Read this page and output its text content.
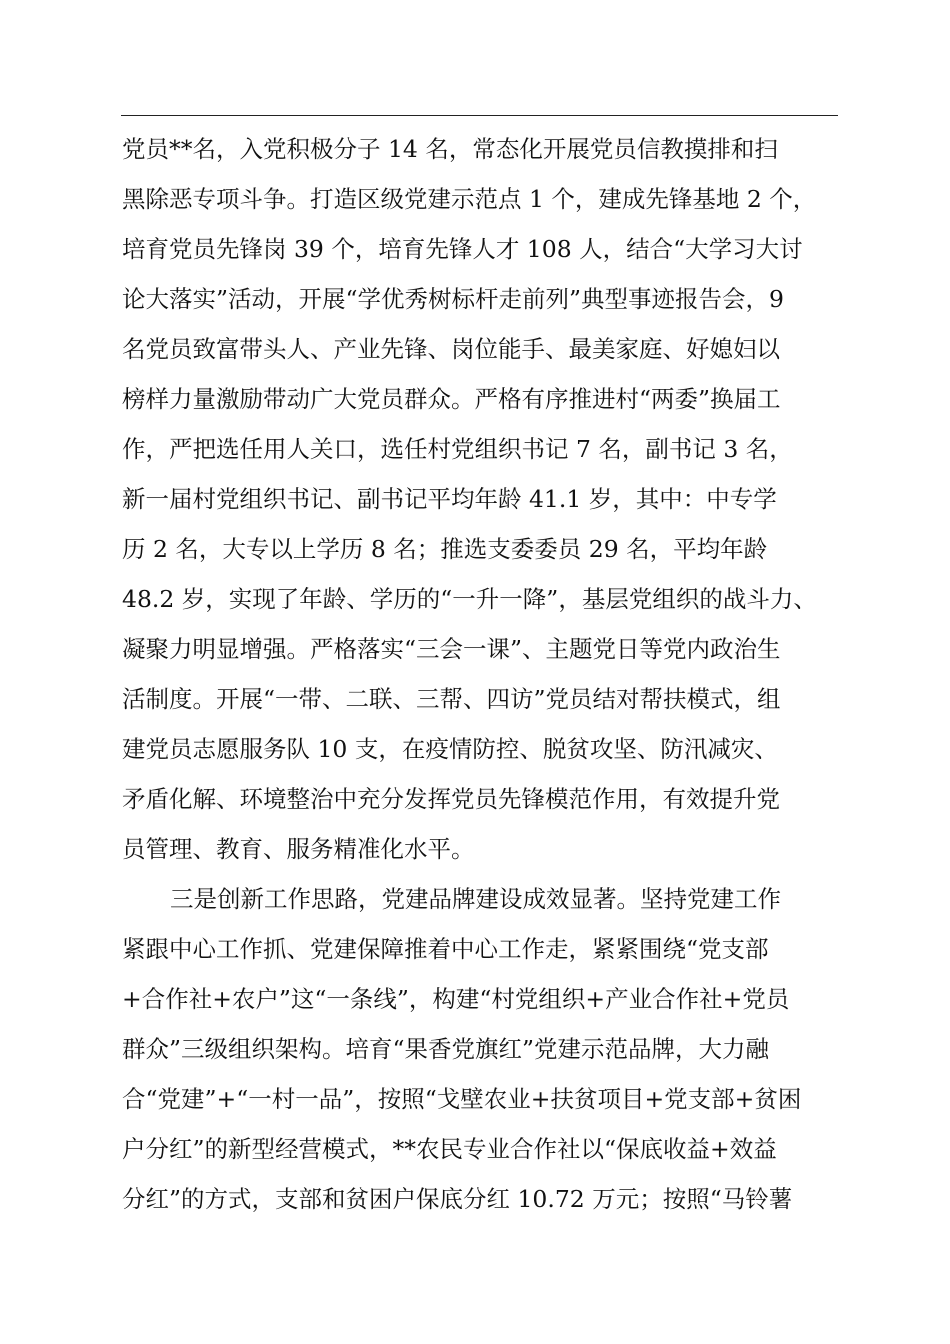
党员**名，入党积极分子 14 名，常态化开展党员信教摸排和扫
黑除恶专项斗争。打造区级党建示范点 1 个，建成先锋基地 2 个，
培育党员先锋岗 39 个，培育先锋人才 108 人，结合“大学习大讨
论大落实”活动，开展“学优秀树标杆走前列”典型事迹报告会，9
名党员致富带头人、产业先锋、岗位能手、最美家庭、好媳妇以
榜样力量激励带动广大党员群众。严格有序推进村“两委”换届工
作，严把选任用人关口，选任村党组织书记 7 名，副书记 3 名，
新一届村党组织书记、副书记平均年龄 41.1 岁，其中：中专学
历 2 名，大专以上学历 8 名；推选支委委员 29 名，平均年龄
48.2 岁，实现了年龄、学历的“一升一降”，基层党组织的战斗力、
凝聚力明显增强。严格落实“三会一课”、主题党日等党内政治生
活制度。开展“一带、二联、三帮、四访”党员结对帮扶模式，组
建党员志愿服务队 10 支，在疫情防控、脱贫攻坚、防汛减灾、
矛盾化解、环境整治中充分发挥党员先锋模范作用，有效提升党
员管理、教育、服务精准化水平。
三是创新工作思路，党建品牌建设成效显著。坚持党建工作
紧跟中心工作抓、党建保障推着中心工作走，紧紧围绕“党支部
+合作社+农户”这“一条线”，构建“村党组织+产业合作社+党员
群众”三级组织架构。培育“果香党旗红”党建示范品牌，大力融
合“党建”+“一村一品”，按照“戈壁农业+扶贫项目+党支部+贫困
户分红”的新型经营模式，**农民专业合作社以“保底收益+效益
分红”的方式，支部和贫困户保底分红 10.72 万元；按照“马铃薯
